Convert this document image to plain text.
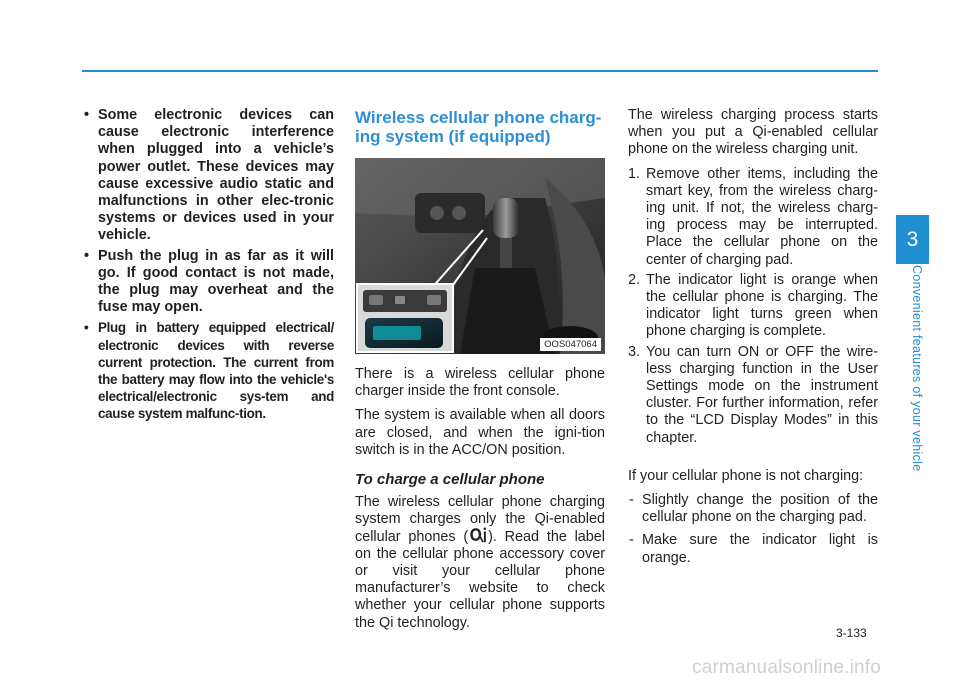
• Some electronic devices can cause electronic interference when plugged into a vehicle’s power outlet. These devices may cause excessive audio static and malfunctions in other elec-tronic systems or devices used in your vehicle.
• Push the plug in as far as it will go. If good contact is not made, the plug may overheat and the fuse may open.
• Plug in battery equipped electrical/ electronic devices with reverse current protection. The current from the battery may flow into the vehicle's electrical/electronic sys-tem and cause system malfunc-tion.
Wireless cellular phone charg-ing system (if equipped)
OOS047064

There is a wireless cellular phone charger inside the front console.

The system is available when all doors are closed, and when the igni-tion switch is in the ACC/ON position.

To charge a cellular phone

The wireless cellular phone charging system charges only the Qi-enabled cellular phones ( ). Read the label on the cellular phone accessory cover or visit your cellular phone manufacturer’s website to check whether your cellular phone supports the Qi technology.

The wireless charging process starts when you put a Qi-enabled cellular phone on the wireless charging unit.

1. Remove other items, including the smart key, from the wireless charg-ing unit. If not, the wireless charg-ing process may be interrupted. Place the cellular phone on the center of charging pad.
2. The indicator light is orange when the cellular phone is charging. The indicator light turns green when phone charging is complete.
3. You can turn ON or OFF the wire-less charging function in the User Settings mode on the instrument cluster. For further information, refer to the “LCD Display Modes” in this chapter.

If your cellular phone is not charging:

- Slightly change the position of the cellular phone on the charging pad.
- Make sure the indicator light is orange.
3
Convenient features of your vehicle
3-133
carmanualsonline.info
